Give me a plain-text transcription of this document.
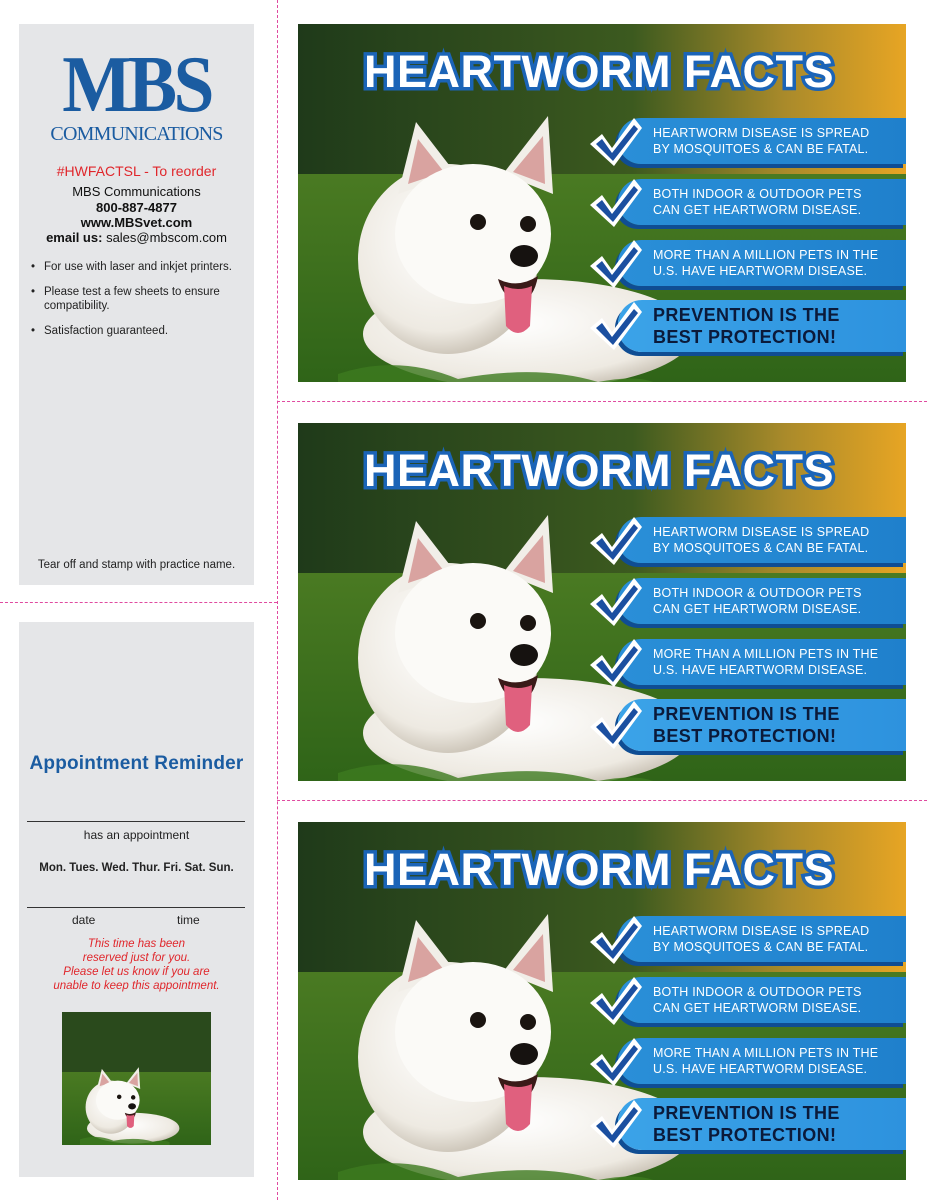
MBS
COMMUNICATIONS
#HWFACTSL - To reorder
MBS Communications
800-887-4877
www.MBSvet.com
email us: sales@mbscom.com
• For use with laser and inkjet printers.
• Please test a few sheets to ensure compatibility.
• Satisfaction guaranteed.
Tear off and stamp with practice name.
Appointment Reminder
has an appointment
Mon. Tues. Wed. Thur. Fri. Sat. Sun.
date	time
This time has been
reserved just for you.
Please let us know if you are
unable to keep this appointment.
HEARTWORM FACTS
HEARTWORM DISEASE IS SPREAD
BY MOSQUITOES & CAN BE FATAL.
BOTH INDOOR & OUTDOOR PETS
CAN GET HEARTWORM DISEASE.
MORE THAN A MILLION PETS IN THE
U.S. HAVE HEARTWORM DISEASE.
PREVENTION IS THE
BEST PROTECTION!
HEARTWORM FACTS
HEARTWORM DISEASE IS SPREAD
BY MOSQUITOES & CAN BE FATAL.
BOTH INDOOR & OUTDOOR PETS
CAN GET HEARTWORM DISEASE.
MORE THAN A MILLION PETS IN THE
U.S. HAVE HEARTWORM DISEASE.
PREVENTION IS THE
BEST PROTECTION!
HEARTWORM FACTS
HEARTWORM DISEASE IS SPREAD
BY MOSQUITOES & CAN BE FATAL.
BOTH INDOOR & OUTDOOR PETS
CAN GET HEARTWORM DISEASE.
MORE THAN A MILLION PETS IN THE
U.S. HAVE HEARTWORM DISEASE.
PREVENTION IS THE
BEST PROTECTION!
